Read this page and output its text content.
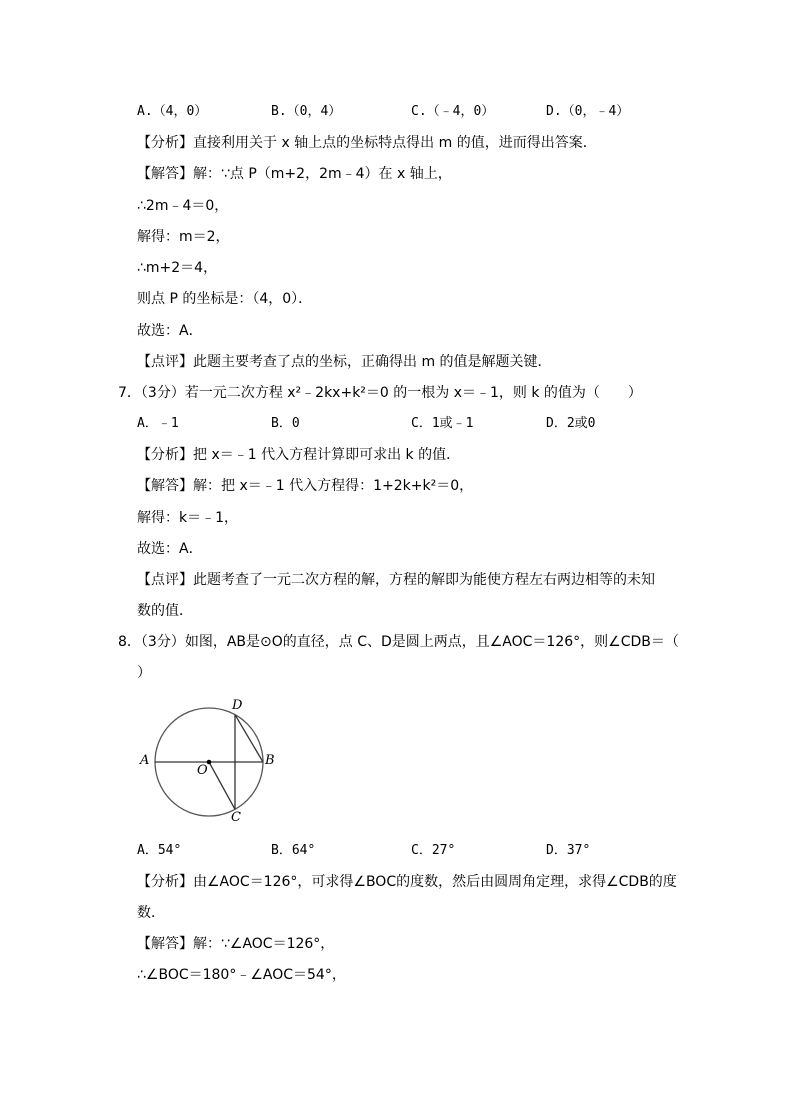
A.（4，0）	B.（0，4）	C.（﹣4，0）	D.（0，﹣4）
【分析】直接利用关于 x 轴上点的坐标特点得出 m 的值，进而得出答案．
【解答】解：∵点 P（m+2，2m﹣4）在 x 轴上，
∴2m﹣4＝0，
解得：m＝2，
∴m+2＝4，
则点 P 的坐标是：（4，0）．
故选：A．
【点评】此题主要考查了点的坐标，正确得出 m 的值是解题关键．
7．（3分）若一元二次方程 x²﹣2kx+k²＝0 的一根为 x＝﹣1，则 k 的值为（　　）
A．﹣1	B．0	C．1或﹣1	D．2或0
【分析】把 x＝﹣1 代入方程计算即可求出 k 的值．
【解答】解：把 x＝﹣1 代入方程得：1+2k+k²＝0，
解得：k＝﹣1，
故选：A．
【点评】此题考查了一元二次方程的解，方程的解即为能使方程左右两边相等的未知
数的值．
8．（3分）如图，AB是⊙O的直径，点 C、D是圆上两点，且∠AOC＝126°，则∠CDB＝（
）
A	B
C
D
O
A．54°	B．64°	C．27°	D．37°
【分析】由∠AOC＝126°，可求得∠BOC的度数，然后由圆周角定理，求得∠CDB的度
数．
【解答】解：∵∠AOC＝126°，
∴∠BOC＝180°﹣∠AOC＝54°，
